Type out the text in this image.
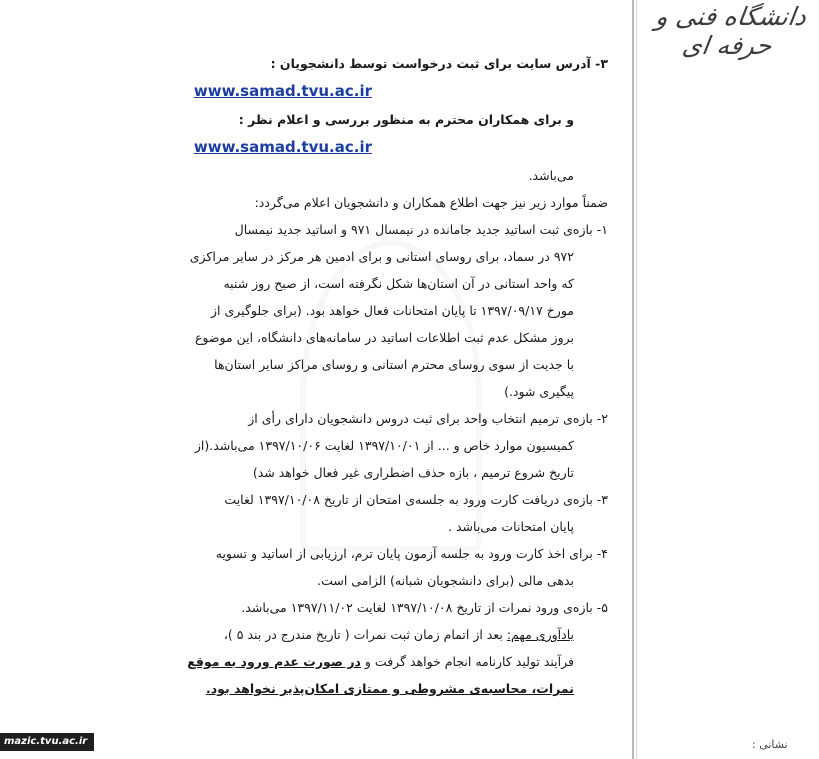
دانشگاه فنی و حرفه ای
نشانی :
mazic.tvu.ac.ir
۳- آدرس سایت برای ثبت درخواست توسط دانشجویان :
www.samad.tvu.ac.ir
و برای همکاران محترم به منظور بررسی و اعلام نظر :
www.samad.tvu.ac.ir
می‌باشد.
ضمناً موارد زیر نیز جهت اطلاع همکاران و دانشجویان اعلام می‌گردد:
۱- بازه‌ی ثبت اساتید جدید جامانده در نیمسال ۹۷۱ و اساتید جدید نیمسال
۹۷۲ در سماد، برای روسای استانی و برای ادمین هر مرکز در سایر مراکزی
که واحد استانی در آن استان‌ها شکل نگرفته است، از صبح روز شنبه
مورخ ۱۳۹۷/۰۹/۱۷ تا پایان امتحانات فعال خواهد بود. (برای جلوگیری از
بروز مشکل عدم ثبت اطلاعات اساتید در سامانه‌های دانشگاه، این موضوع
با جدیت از سوی روسای محترم استانی و روسای مراکز سایر استان‌ها
پیگیری شود.)
۲- بازه‌ی ترمیم انتخاب واحد برای ثبت دروس دانشجویان دارای رأی از
کمیسیون موارد خاص و ... از ۱۳۹۷/۱۰/۰۱ لغایت ۱۳۹۷/۱۰/۰۶ می‌باشد.(از
تاریخ شروع ترمیم ، بازه حذف اضطراری غیر فعال خواهد شد)
۳- بازه‌ی دریافت کارت ورود به جلسه‌ی امتحان از تاریخ ۱۳۹۷/۱۰/۰۸ لغایت
پایان امتحانات می‌باشد .
۴- برای اخذ کارت ورود به جلسه آزمون پایان ترم، ارزیابی از اساتید و تسویه
بدهی مالی (برای دانشجویان شبانه) الزامی است.
۵- بازه‌ی ورود نمرات از تاریخ ۱۳۹۷/۱۰/۰۸ لغایت ۱۳۹۷/۱۱/۰۲ می‌باشد.
یادآوری مهم: بعد از اتمام زمان ثبت نمرات ( تاریخ مندرج در بند ۵ )،
فرآیند تولید کارنامه انجام خواهد گرفت و در صورت عدم ورود به موقع
نمرات، محاسبه‌ی مشروطی و ممتازی امکان‌پذیر نخواهد بود.
